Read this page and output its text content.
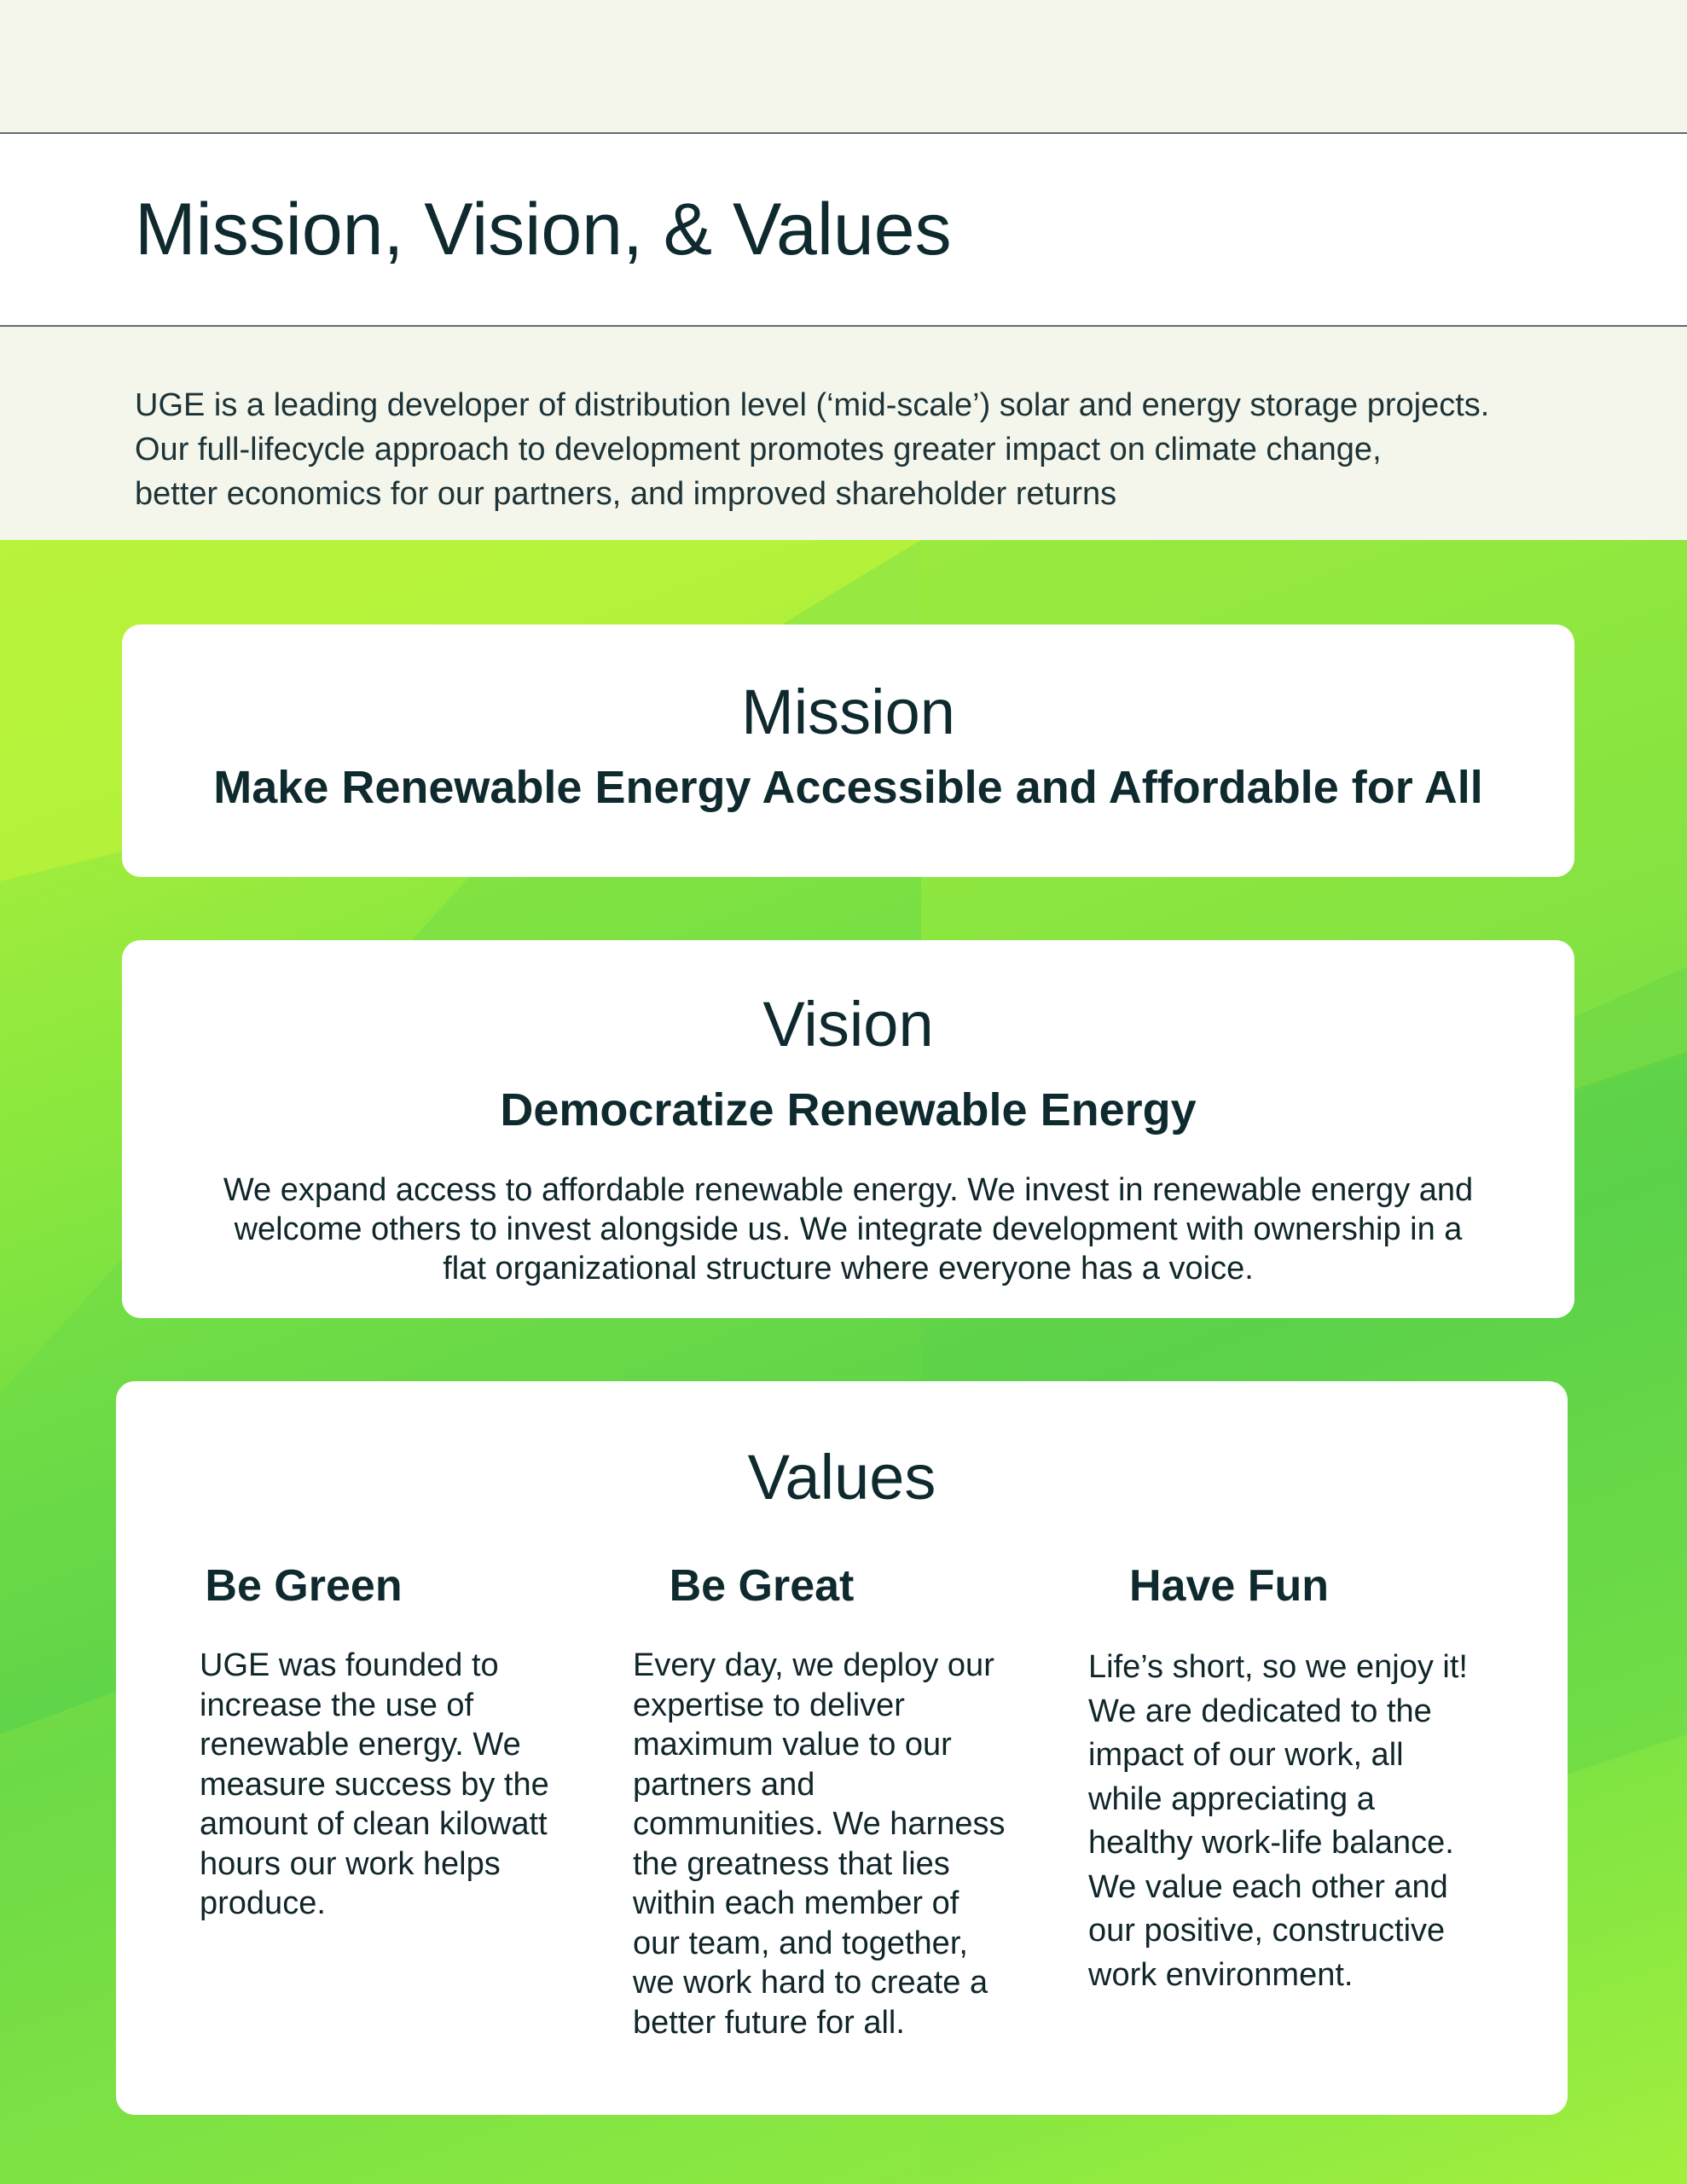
Mission, Vision, & Values
UGE is a leading developer of distribution level (‘mid-scale’) solar and energy storage projects.
Our full-lifecycle approach to development promotes greater impact on climate change,
better economics for our partners, and improved shareholder returns
Mission
Make Renewable Energy Accessible and Affordable for All
Vision
Democratize Renewable Energy
We expand access to affordable renewable energy. We invest in renewable energy and
welcome others to invest alongside us. We integrate development with ownership in a
flat organizational structure where everyone has a voice.
Values
Be Green
UGE was founded to
increase the use of
renewable energy. We
measure success by the
amount of clean kilowatt
hours our work helps
produce.
Be Great
Every day, we deploy our
expertise to deliver
maximum value to our
partners and
communities. We harness
the greatness that lies
within each member of
our team, and together,
we work hard to create a
better future for all.
Have Fun
Life’s short, so we enjoy it!
We are dedicated to the
impact of our work, all
while appreciating a
healthy work-life balance.
We value each other and
our positive, constructive
work environment.
